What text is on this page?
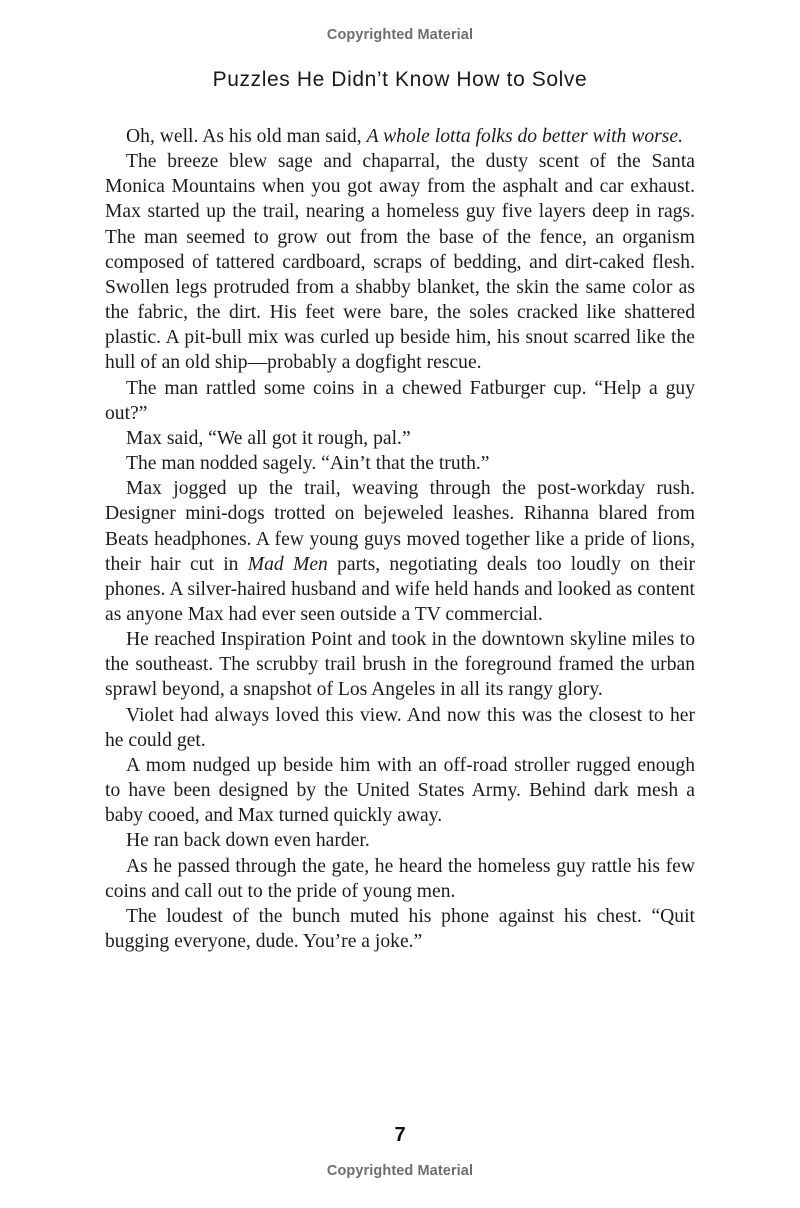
Copyrighted Material
Puzzles He Didn’t Know How to Solve

Oh, well. As his old man said, A whole lotta folks do better with worse.

The breeze blew sage and chaparral, the dusty scent of the Santa Monica Mountains when you got away from the asphalt and car exhaust. Max started up the trail, nearing a homeless guy five layers deep in rags. The man seemed to grow out from the base of the fence, an organism composed of tattered cardboard, scraps of bedding, and dirt-caked flesh. Swollen legs protruded from a shabby blanket, the skin the same color as the fabric, the dirt. His feet were bare, the soles cracked like shattered plastic. A pit-bull mix was curled up beside him, his snout scarred like the hull of an old ship—probably a dogfight rescue.

The man rattled some coins in a chewed Fatburger cup. “Help a guy out?”

Max said, “We all got it rough, pal.”

The man nodded sagely. “Ain’t that the truth.”

Max jogged up the trail, weaving through the post-workday rush. Designer mini-dogs trotted on bejeweled leashes. Rihanna blared from Beats headphones. A few young guys moved together like a pride of lions, their hair cut in Mad Men parts, negotiating deals too loudly on their phones. A silver-haired husband and wife held hands and looked as content as anyone Max had ever seen outside a TV commercial.

He reached Inspiration Point and took in the downtown skyline miles to the southeast. The scrubby trail brush in the foreground framed the urban sprawl beyond, a snapshot of Los Angeles in all its rangy glory.

Violet had always loved this view. And now this was the closest to her he could get.

A mom nudged up beside him with an off-road stroller rugged enough to have been designed by the United States Army. Behind dark mesh a baby cooed, and Max turned quickly away.

He ran back down even harder.

As he passed through the gate, he heard the homeless guy rattle his few coins and call out to the pride of young men.

The loudest of the bunch muted his phone against his chest. “Quit bugging everyone, dude. You’re a joke.”

7
Copyrighted Material
